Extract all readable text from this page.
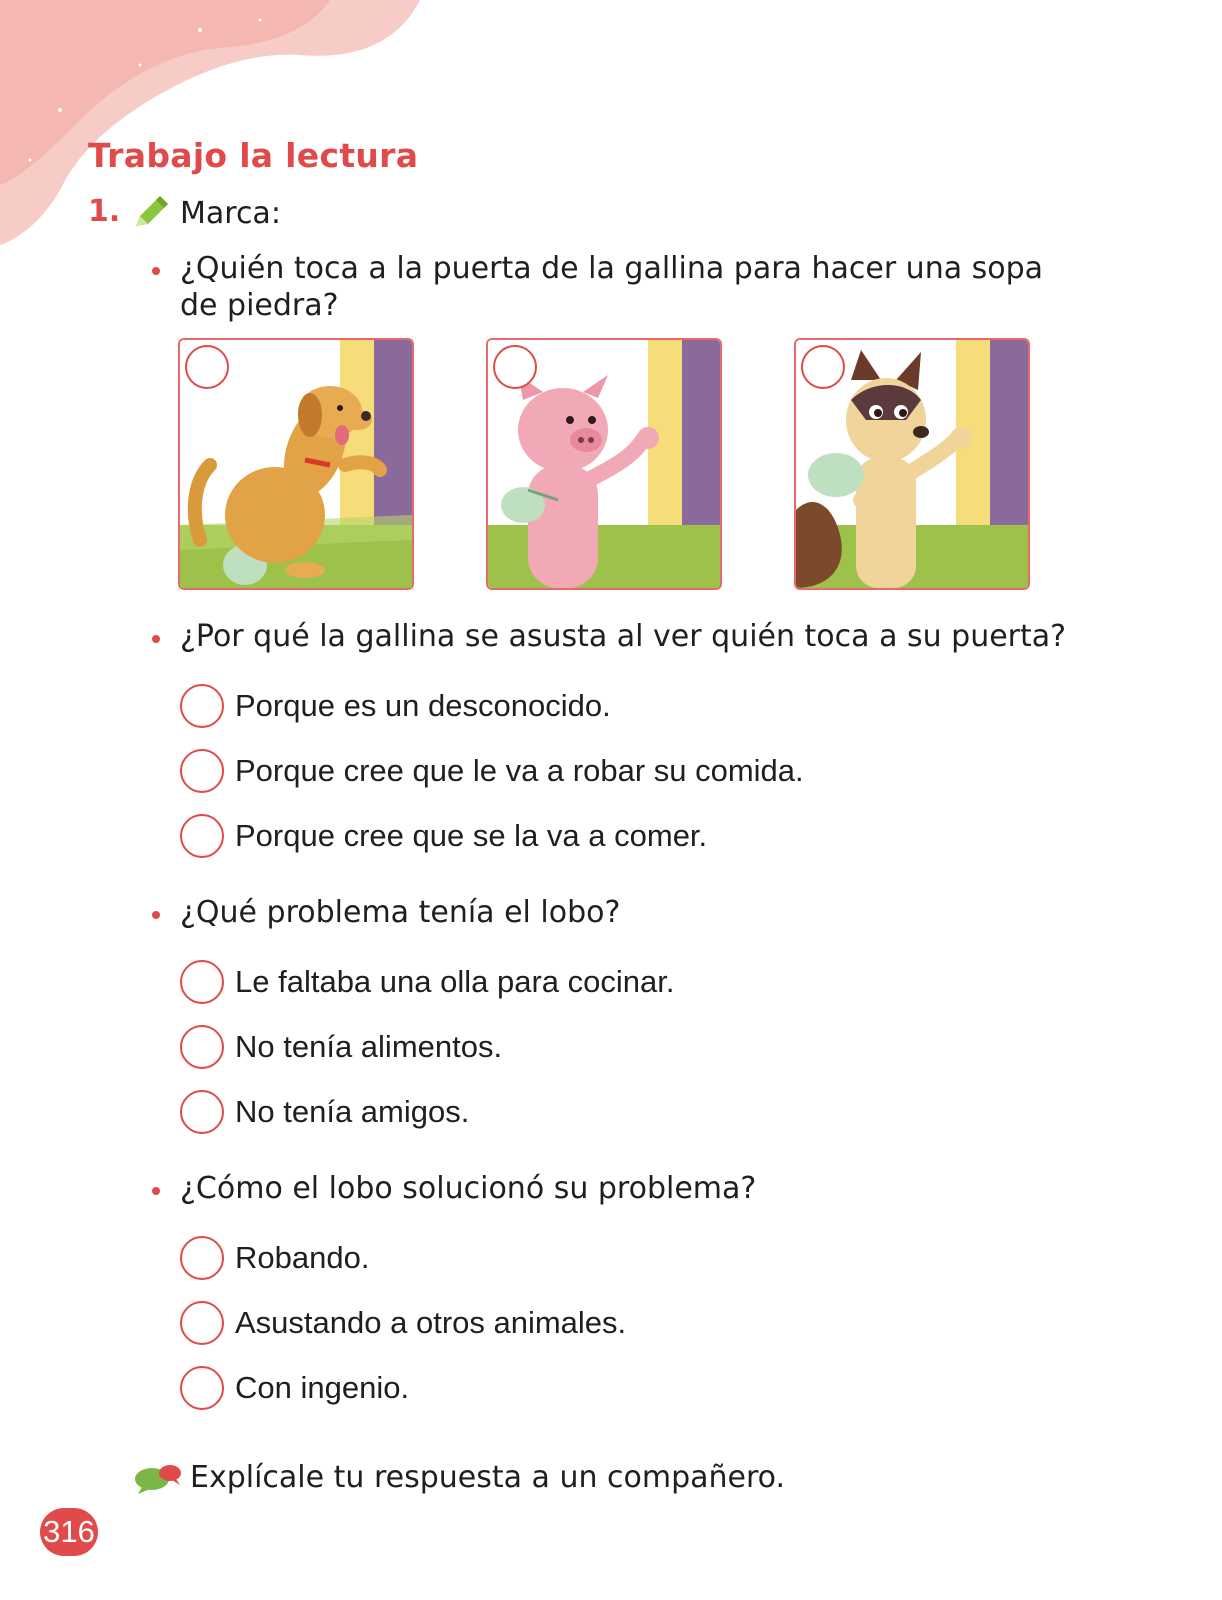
Trabajo la lectura
1. Marca:
¿Quién toca a la puerta de la gallina para hacer una sopa de piedra?
¿Por qué la gallina se asusta al ver quién toca a su puerta?
Porque es un desconocido.
Porque cree que le va a robar su comida.
Porque cree que se la va a comer.
¿Qué problema tenía el lobo?
Le faltaba una olla para cocinar.
No tenía alimentos.
No tenía amigos.
¿Cómo el lobo solucionó su problema?
Robando.
Asustando a otros animales.
Con ingenio.
Explícale tu respuesta a un compañero.
316
